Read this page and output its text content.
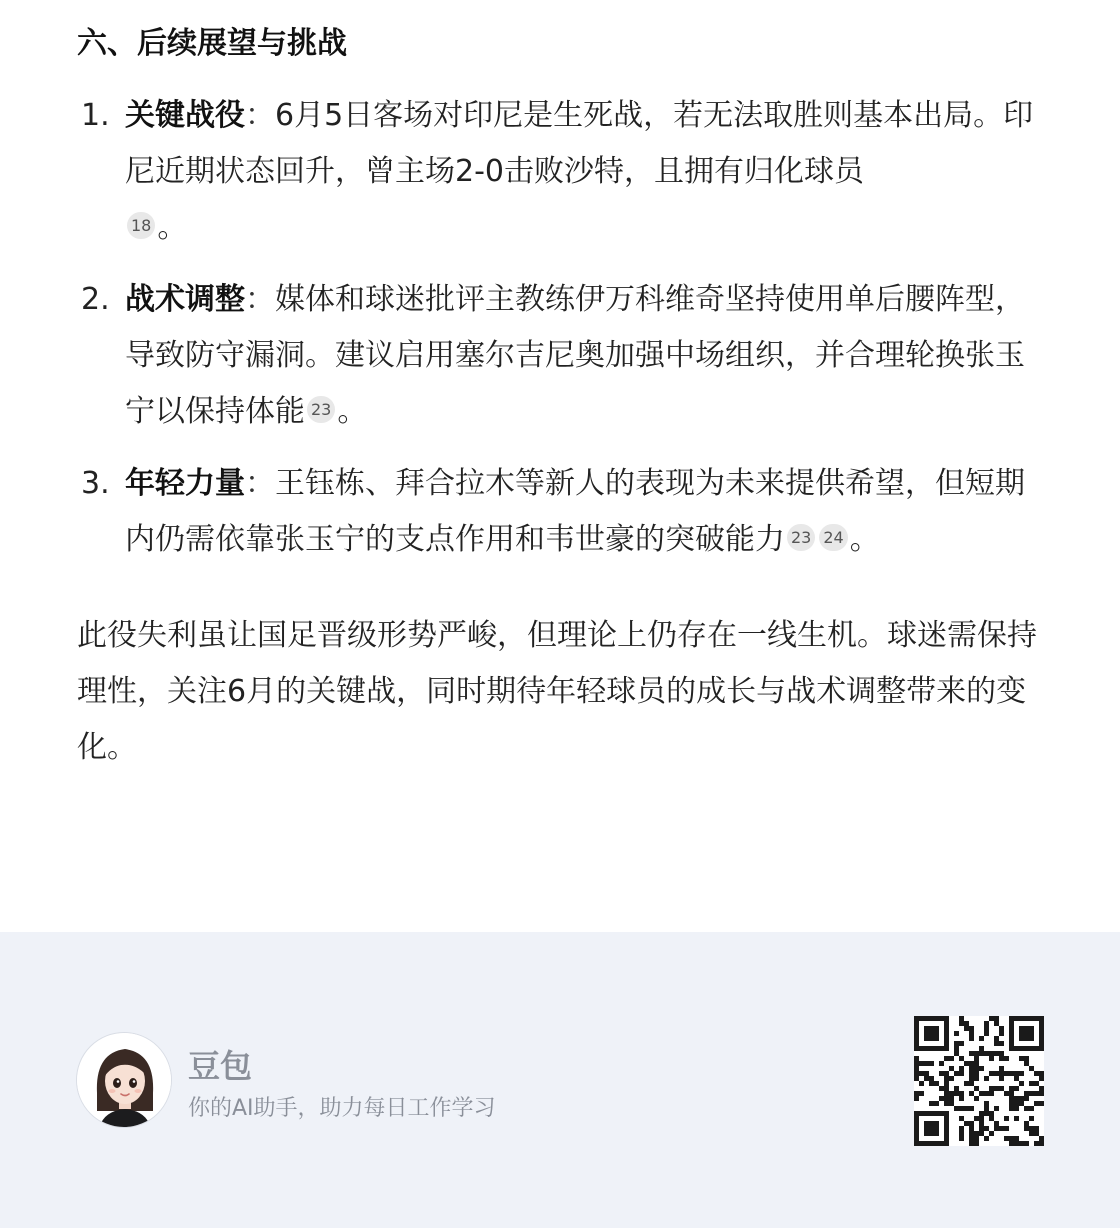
六、后续展望与挑战
1. 关键战役：6月5日客场对印尼是生死战，若无法取胜则基本出局。印尼近期状态回升，曾主场2-0击败沙特，且拥有归化球员
18 。
2. 战术调整：媒体和球迷批评主教练伊万科维奇坚持使用单后腰阵型，导致防守漏洞。建议启用塞尔吉尼奥加强中场组织，并合理轮换张玉宁以保持体能 23 。
3. 年轻力量：王钰栋、拜合拉木等新人的表现为未来提供希望，但短期内仍需依靠张玉宁的支点作用和韦世豪的突破能力 23 24 。

此役失利虽让国足晋级形势严峻，但理论上仍存在一线生机。球迷需保持理性，关注6月的关键战，同时期待年轻球员的成长与战术调整带来的变化。

豆包
你的AI助手，助力每日工作学习
